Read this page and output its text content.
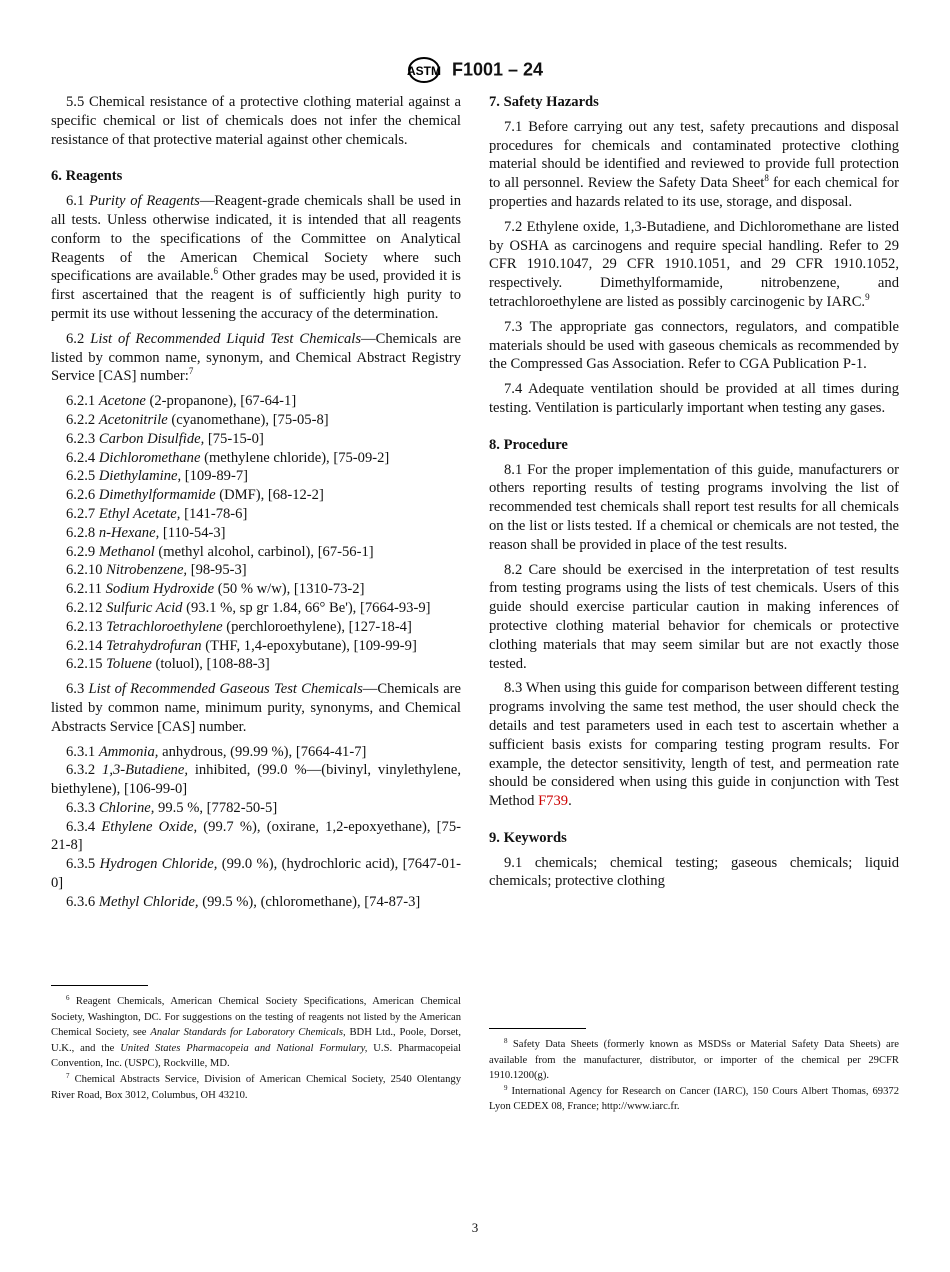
ASTM F1001 – 24

5.5 Chemical resistance of a protective clothing material against a specific chemical or list of chemicals does not infer the chemical resistance of that protective material against other chemicals.

6. Reagents

6.1 Purity of Reagents—Reagent-grade chemicals shall be used in all tests. Unless otherwise indicated, it is intended that all reagents conform to the specifications of the Committee on Analytical Reagents of the American Chemical Society where such specifications are available.$^6$ Other grades may be used, provided it is first ascertained that the reagent is of sufficiently high purity to permit its use without lessening the accuracy of the determination.

6.2 List of Recommended Liquid Test Chemicals—Chemicals are listed by common name, synonym, and Chemical Abstract Registry Service [CAS] number:$^7$

6.2.1 Acetone (2-propanone), [67-64-1]

6.2.2 Acetonitrile (cyanomethane), [75-05-8]

6.2.3 Carbon Disulfide, [75-15-0]

6.2.4 Dichloromethane (methylene chloride), [75-09-2]

6.2.5 Diethylamine, [109-89-7]

6.2.6 Dimethylformamide (DMF), [68-12-2]

6.2.7 Ethyl Acetate, [141-78-6]

6.2.8 n-Hexane, [110-54-3]

6.2.9 Methanol (methyl alcohol, carbinol), [67-56-1]

6.2.10 Nitrobenzene, [98-95-3]

6.2.11 Sodium Hydroxide (50 % w/w), [1310-73-2]

6.2.12 Sulfuric Acid (93.1 %, sp gr 1.84, 66° Be'), [7664-93-9]

6.2.13 Tetrachloroethylene (perchloroethylene), [127-18-4]

6.2.14 Tetrahydrofuran (THF, 1,4-epoxybutane), [109-99-9]

6.2.15 Toluene (toluol), [108-88-3]

6.3 List of Recommended Gaseous Test Chemicals—Chemicals are listed by common name, minimum purity, synonyms, and Chemical Abstracts Service [CAS] number.

6.3.1 Ammonia, anhydrous, (99.99 %), [7664-41-7]

6.3.2 1,3-Butadiene, inhibited, (99.0 %—(bivinyl, vinylethylene, biethylene), [106-99-0]

6.3.3 Chlorine, 99.5 %, [7782-50-5]

6.3.4 Ethylene Oxide, (99.7 %), (oxirane, 1,2-epoxyethane), [75-21-8]

6.3.5 Hydrogen Chloride, (99.0 %), (hydrochloric acid), [7647-01-0]

6.3.6 Methyl Chloride, (99.5 %), (chloromethane), [74-87-3]

7. Safety Hazards

7.1 Before carrying out any test, safety precautions and disposal procedures for chemicals and contaminated protective clothing material should be identified and reviewed to provide full protection to all personnel. Review the Safety Data Sheet$^8$ for each chemical for properties and hazards related to its use, storage, and disposal.

7.2 Ethylene oxide, 1,3-Butadiene, and Dichloromethane are listed by OSHA as carcinogens and require special handling. Refer to 29 CFR 1910.1047, 29 CFR 1910.1051, and 29 CFR 1910.1052, respectively. Dimethylformamide, nitrobenzene, and tetrachloroethylene are listed as possibly carcinogenic by IARC.$^9$

7.3 The appropriate gas connectors, regulators, and compatible materials should be used with gaseous chemicals as recommended by the Compressed Gas Association. Refer to CGA Publication P-1.

7.4 Adequate ventilation should be provided at all times during testing. Ventilation is particularly important when testing any gases.

8. Procedure

8.1 For the proper implementation of this guide, manufacturers or others reporting results of testing programs involving the list of recommended test chemicals shall report test results for all chemicals on the list or lists tested. If a chemical or chemicals are not tested, the reason shall be provided in place of the test results.

8.2 Care should be exercised in the interpretation of test results from testing programs using the lists of test chemicals. Users of this guide should exercise particular caution in making inferences of protective clothing material behavior for chemicals or protective clothing materials that may seem similar but are not exactly those tested.

8.3 When using this guide for comparison between different testing programs involving the same test method, the user should check the details and test parameters used in each test to ascertain whether a sufficient basis exists for comparing testing program results. For example, the detector sensitivity, length of test, and permeation rate should be considered when using this guide in conjunction with Test Method F739.

9. Keywords

9.1 chemicals; chemical testing; gaseous chemicals; liquid chemicals; protective clothing

$^6$ Reagent Chemicals, American Chemical Society Specifications, American Chemical Society, Washington, DC. For suggestions on the testing of reagents not listed by the American Chemical Society, see Analar Standards for Laboratory Chemicals, BDH Ltd., Poole, Dorset, U.K., and the United States Pharmacopeia and National Formulary, U.S. Pharmacopeial Convention, Inc. (USPC), Rockville, MD.

$^7$ Chemical Abstracts Service, Division of American Chemical Society, 2540 Olentangy River Road, Box 3012, Columbus, OH 43210.

$^8$ Safety Data Sheets (formerly known as MSDSs or Material Safety Data Sheets) are available from the manufacturer, distributor, or importer of the chemical per 29CFR 1910.1200(g).

$^9$ International Agency for Research on Cancer (IARC), 150 Cours Albert Thomas, 69372 Lyon CEDEX 08, France; http://www.iarc.fr.

3
